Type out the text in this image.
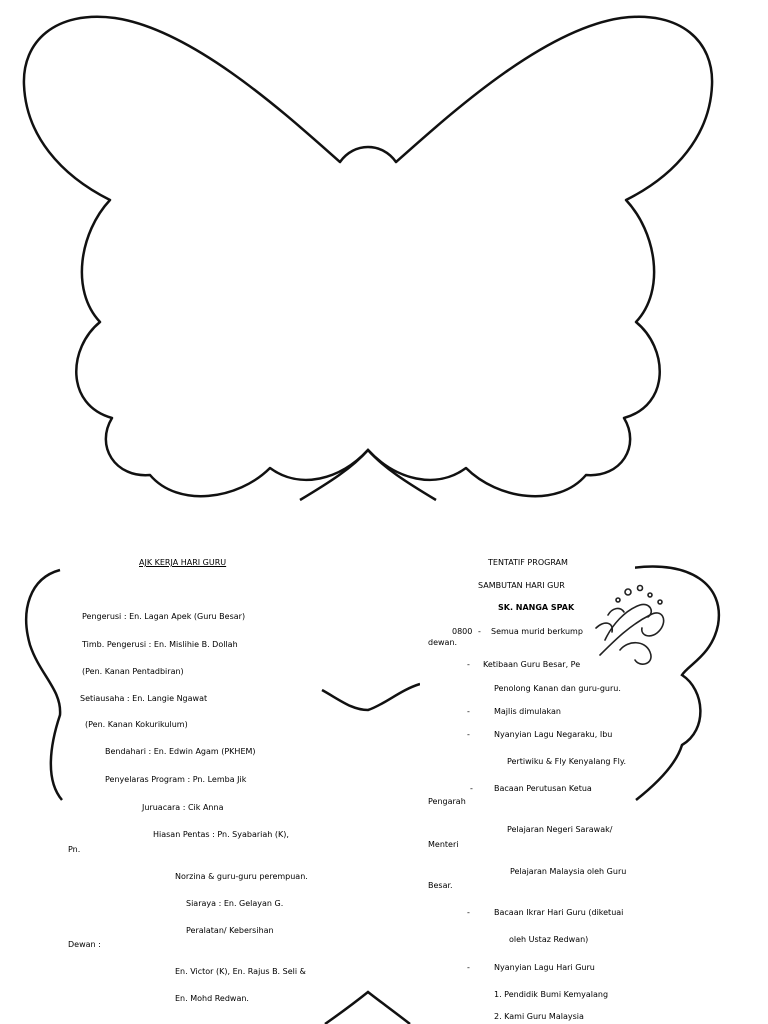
AJK KERJA HARI GURU
Pengerusi : En. Lagan Apek (Guru Besar)
Timb. Pengerusi : En. Mislihie B. Dollah
(Pen. Kanan Pentadbiran)
Setiausaha : En. Langie Ngawat
(Pen. Kanan Kokurikulum)
Bendahari : En. Edwin Agam (PKHEM)
Penyelaras Program : Pn. Lemba Jik
Juruacara : Cik Anna
Hiasan Pentas : Pn. Syabariah (K),
Pn.
Norzina & guru-guru perempuan.
Siaraya : En. Gelayan G.
Peralatan/ Kebersihan
Dewan :
En. Victor (K), En. Rajus B. Seli &
En. Mohd Redwan.
TENTATIF PROGRAM
SAMBUTAN HARI GUR
SK. NANGA SPAK
0800 - Semua murid berkump
dewan.
- Ketibaan Guru Besar, Pe
Penolong Kanan dan guru-guru.
-	Majlis dimulakan
-	Nyanyian Lagu Negaraku, Ibu
Pertiwiku & Fly Kenyalang Fly.
-	Bacaan Perutusan Ketua
Pengarah
Pelajaran Negeri Sarawak/
Menteri
Pelajaran Malaysia oleh Guru
Besar.
-	Bacaan Ikrar Hari Guru (diketuai
oleh Ustaz Redwan)
-	Nyanyian Lagu Hari Guru
1. Pendidik Bumi Kemyalang
2. Kami Guru Malaysia
